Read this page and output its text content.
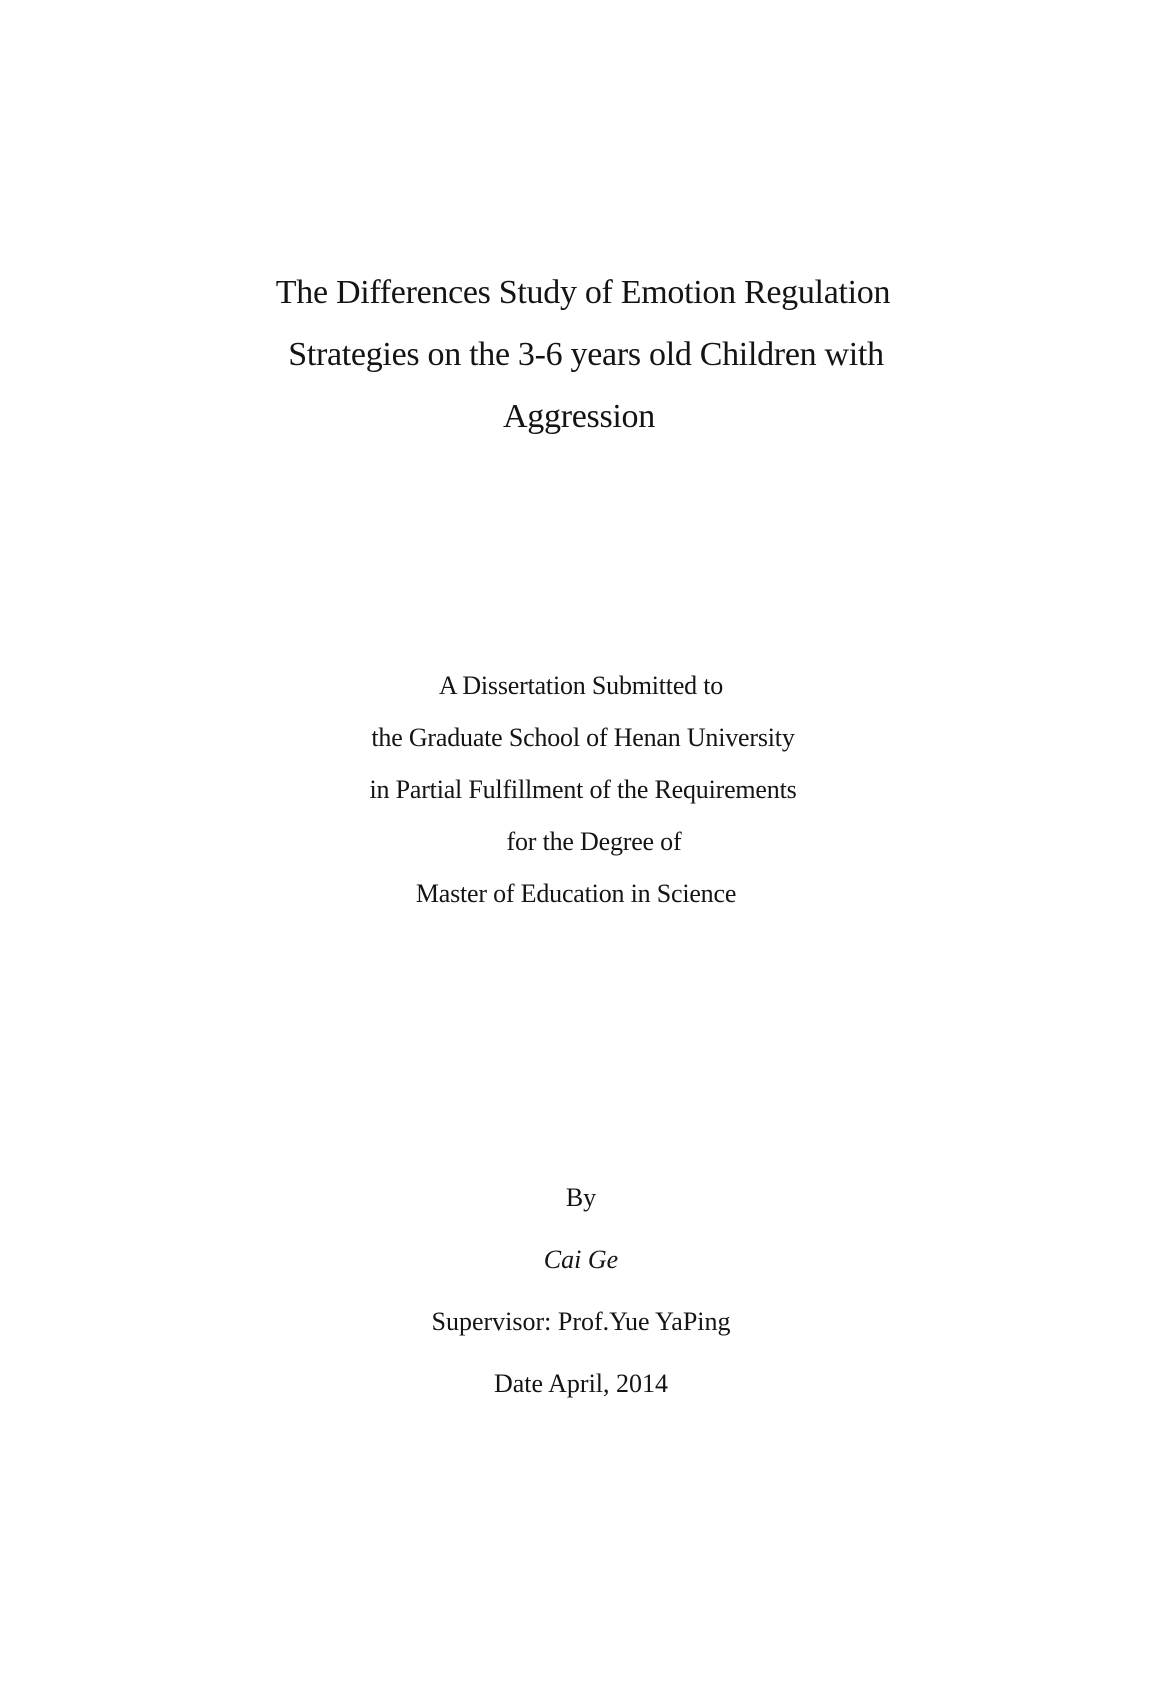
The Differences Study of Emotion Regulation
Strategies on the 3-6 years old Children with
Aggression
A Dissertation Submitted to
the Graduate School of Henan University
in Partial Fulfillment of the Requirements
for the Degree of
Master of Education in Science
By
Cai Ge
Supervisor: Prof.Yue YaPing
Date April, 2014
